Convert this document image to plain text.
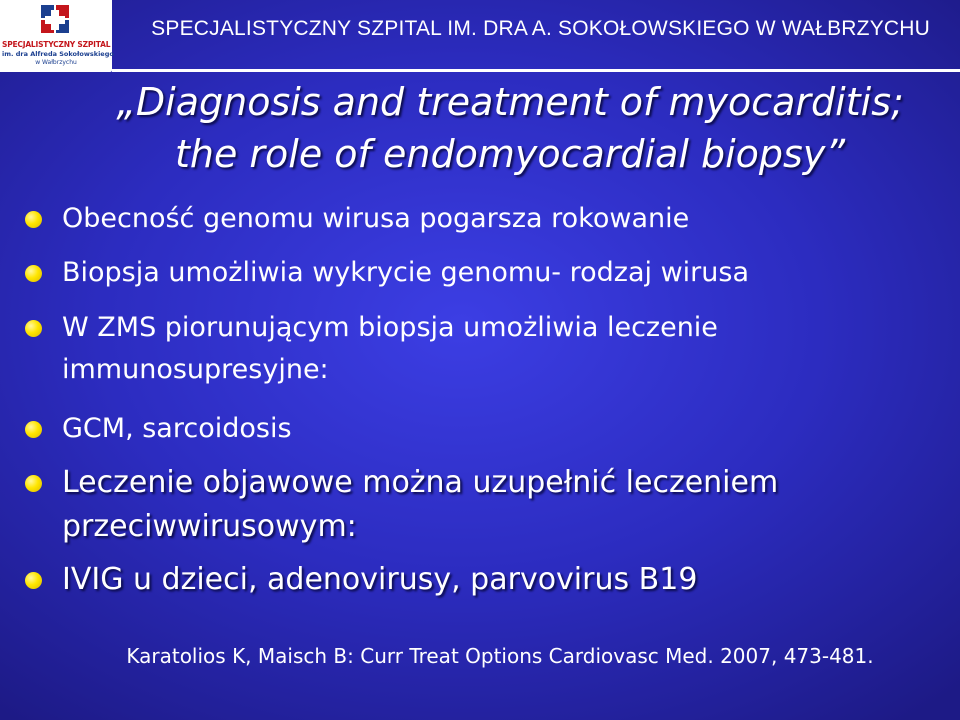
SPECJALISTYCZNY SZPITAL
im. dra Alfreda Sokołowskiego
w Wałbrzychu
SPECJALISTYCZNY SZPITAL IM. DRA A. SOKOŁOWSKIEGO W WAŁBRZYCHU
„Diagnosis and treatment of myocarditis;
the role of endomyocardial biopsy”
Obecność genomu wirusa pogarsza rokowanie
Biopsja umożliwia wykrycie genomu- rodzaj wirusa
W ZMS piorunującym biopsja umożliwia leczenie
immunosupresyjne:
GCM, sarcoidosis
Leczenie objawowe można uzupełnić leczeniem
przeciwwirusowym:
IVIG u dzieci, adenovirusy, parvovirus B19
Karatolios K, Maisch B: Curr Treat Options Cardiovasc Med. 2007, 473-481.
